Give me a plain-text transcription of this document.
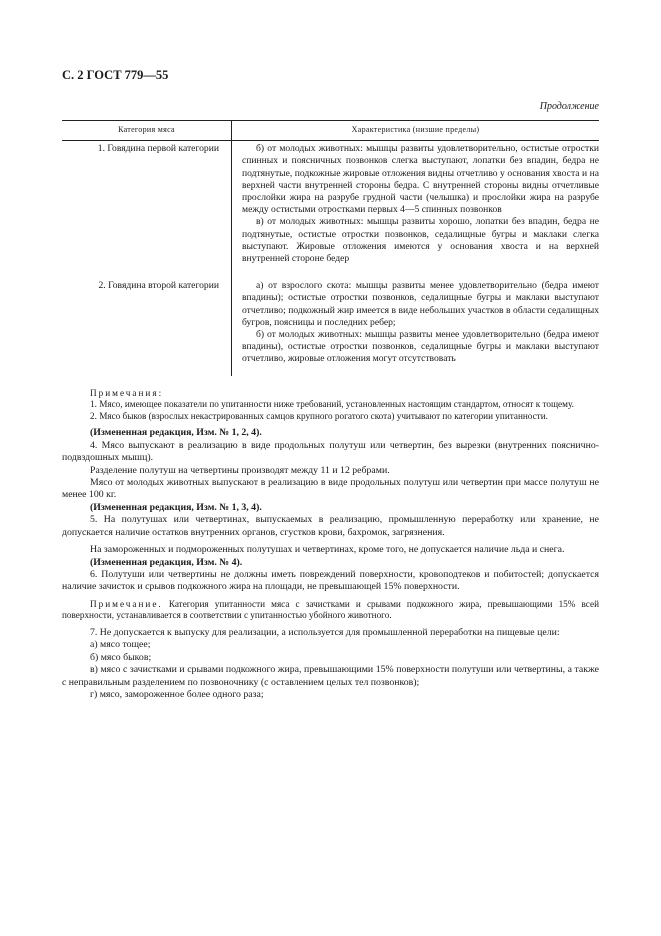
С. 2 ГОСТ 779—55
Продолжение
Категория мяса	Характеристика (низшие пределы)
1. Говядина первой категории	б) от молодых животных: мышцы развиты удовлетворительно, остистые отростки спинных и поясничных позвонков слегка выступают, лопатки без впадин, бедра не подтянутые, подкожные жировые отложения видны отчетливо у основания хвоста и на верхней части внутренней стороны бедра. С внутренней стороны видны отчетливые прослойки жира на разрубе грудной части (челышка) и прослойки жира на разрубе между остистыми отростками первых 4—5 спинных позвонков

в) от молодых животных: мышцы развиты хорошо, лопатки без впадин, бедра не подтянутые, остистые отростки позвонков, седалищные бугры и маклаки слегка выступают. Жировые отложения имеются у основания хвоста и на верхней внутренней стороне бедер

2. Говядина второй категории	а) от взрослого скота: мышцы развиты менее удовлетворительно (бедра имеют впадины); остистые отростки позвонков, седалищные бугры и маклаки выступают отчетливо; подкожный жир имеется в виде небольших участков в области седалищных бугров, поясницы и последних ребер;

б) от молодых животных: мышцы развиты менее удовлетворительно (бедра имеют впадины), остистые отростки позвонков, седалищные бугры и маклаки выступают отчетливо, жировые отложения могут отсутствовать

Примечания:

1. Мясо, имеющее показатели по упитанности ниже требований, установленных настоящим стандартом, относят к тощему.

2. Мясо быков (взрослых некастрированных самцов крупного рогатого скота) учитывают по категории упитанности.

(Измененная редакция, Изм. № 1, 2, 4).

4. Мясо выпускают в реализацию в виде продольных полутуш или четвертин, без вырезки (внутренних поясничнo-подвздошных мышц).

Разделение полутуш на четвертины производят между 11 и 12 ребрами.

Мясо от молодых животных выпускают в реализацию в виде продольных полутуш или четвертин при массе полутуш не менее 100 кг.

(Измененная редакция, Изм. № 1, 3, 4).

5. На полутушах или четвертинах, выпускаемых в реализацию, промышленную переработку или хранение, не допускается наличие остатков внутренних органов, сгустков крови, бахромок, загрязнения.

На замороженных и подмороженных полутушах и четвертинах, кроме того, не допускается наличие льда и снега.

(Измененная редакция, Изм. № 4).

6. Полутуши или четвертины не должны иметь повреждений поверхности, кровоподтеков и побитостей; допускается наличие зачисток и срывов подкожного жира на площади, не превышающей 15% поверхности.

Примечание. Категория упитанности мяса с зачистками и срывами подкожного жира, превышающими 15% всей поверхности, устанавливается в соответствии с упитанностью убойного животного.

7. Не допускается к выпуску для реализации, а используется для промышленной переработки на пищевые цели:

а) мясо тощее;

б) мясо быков;

в) мясо с зачистками и срывами подкожного жира, превышающими 15% поверхности полутуши или четвертины, а также с неправильным разделением по позвоночнику (с оставлением целых тел позвонков);

г) мясо, замороженное более одного раза;
